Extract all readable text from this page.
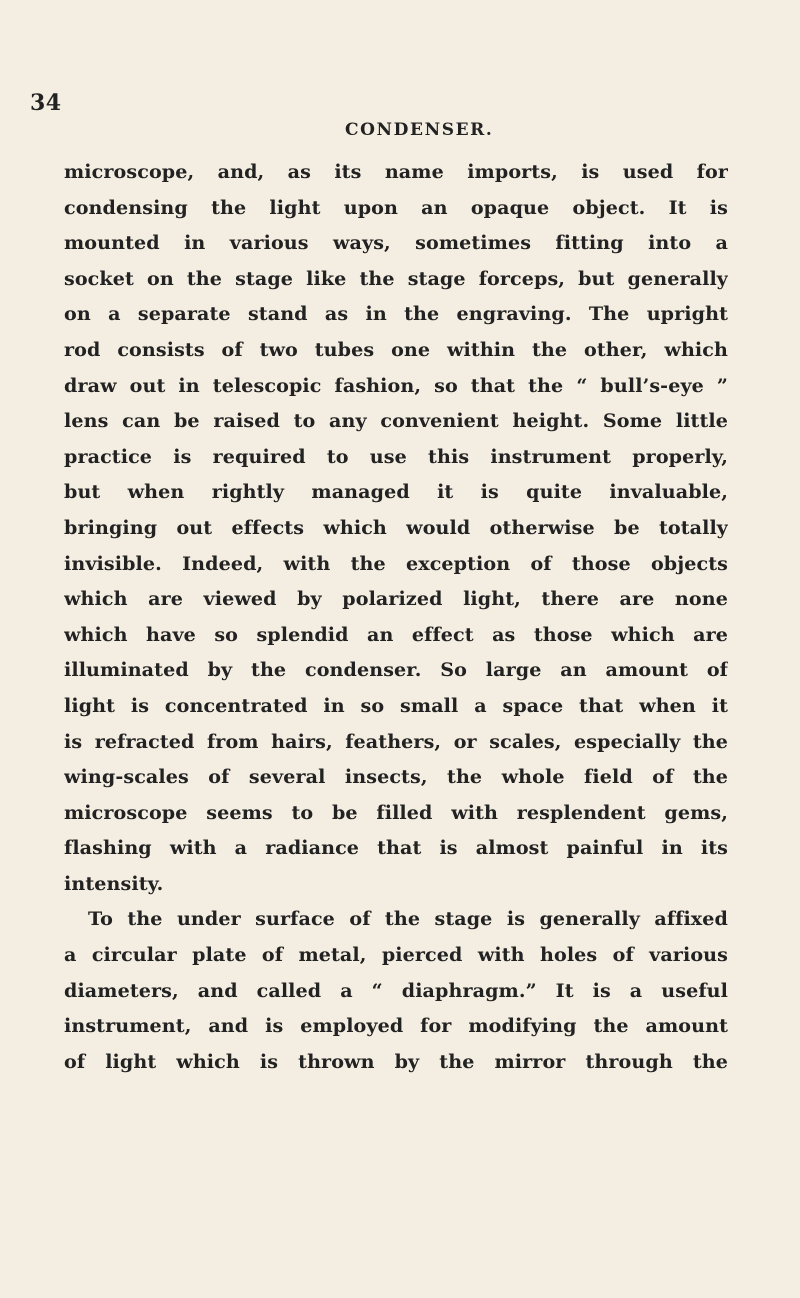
34
CONDENSER.
microscope, and, as its name imports, is used for
condensing the light upon an opaque object. It is
mounted in various ways, sometimes fitting into a
socket on the stage like the stage forceps, but generally
on a separate stand as in the engraving. The upright
rod consists of two tubes one within the other, which
draw out in telescopic fashion, so that the “ bull’s-eye ”
lens can be raised to any convenient height. Some little
practice is required to use this instrument properly,
but when rightly managed it is quite invaluable,
bringing out effects which would otherwise be totally
invisible. Indeed, with the exception of those objects
which are viewed by polarized light, there are none
which have so splendid an effect as those which are
illuminated by the condenser. So large an amount of
light is concentrated in so small a space that when it
is refracted from hairs, feathers, or scales, especially the
wing-scales of several insects, the whole field of the
microscope seems to be filled with resplendent gems,
flashing with a radiance that is almost painful in its
intensity.
To the under surface of the stage is generally affixed
a circular plate of metal, pierced with holes of various
diameters, and called a “ diaphragm.” It is a useful
instrument, and is employed for modifying the amount
of light which is thrown by the mirror through the
